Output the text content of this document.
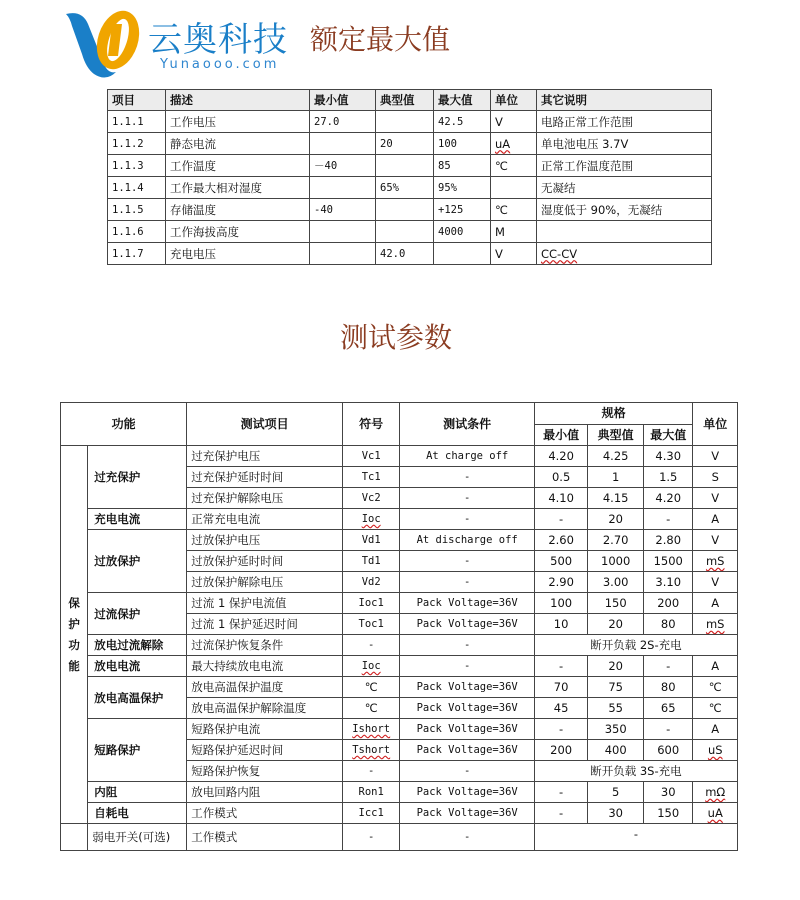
云奥科技
Yunaooo.com
额定最大值
项目	描述	最小值	典型值	最大值	单位	其它说明
1.1.1	工作电压	27.0		42.5	V	电路正常工作范围
1.1.2	静态电流		20	100	uA	单电池电压 3.7V
1.1.3	工作温度	－40		85	℃	正常工作温度范围
1.1.4	工作最大相对湿度		65%	95%		无凝结
1.1.5	存储温度	-40		+125	℃	湿度低于 90%，无凝结
1.1.6	工作海拔高度			4000	M	
1.1.7	充电电压		42.0		V	CC-CV
测试参数
功能		测试项目	符号	测试条件	规格			单位
					最小值	典型值	最大值	

保
护
功
能	过充保护	过充保护电压	Vc1	At charge off	4.20	4.25	4.30	V
		过充保护延时时间	Tc1	-	0.5	1	1.5	S
		过充保护解除电压	Vc2	-	4.10	4.15	4.20	V
	充电电流	正常充电电流	Ioc	-	-	20	-	A
	过放保护	过放保护电压	Vd1	At discharge off	2.60	2.70	2.80	V
		过放保护延时时间	Td1	-	500	1000	1500	mS
		过放保护解除电压	Vd2	-	2.90	3.00	3.10	V
	过流保护	过流 1 保护电流值	Ioc1	Pack Voltage=36V	100	150	200	A
		过流 1 保护延迟时间	Toc1	Pack Voltage=36V	10	20	80	mS
	放电过流解除	过流保护恢复条件	-	-	断开负载 2S-充电			
	放电电流	最大持续放电电流	Ioc	-	-	20	-	A
	放电高温保护	放电高温保护温度	℃	Pack Voltage=36V	70	75	80	℃
		放电高温保护解除温度	℃	Pack Voltage=36V	45	55	65	℃
	短路保护	短路保护电流	Ishort	Pack Voltage=36V	-	350	-	A
		短路保护延迟时间	Tshort	Pack Voltage=36V	200	400	600	uS
		短路保护恢复	-	-	断开负载 3S-充电			
	内阻	放电回路内阻	Ron1	Pack Voltage=36V	-	5	30	mΩ
	自耗电	工作模式	Icc1	Pack Voltage=36V	-	30	150	uA
	弱电开关(可选)	工作模式	-	-	-			
